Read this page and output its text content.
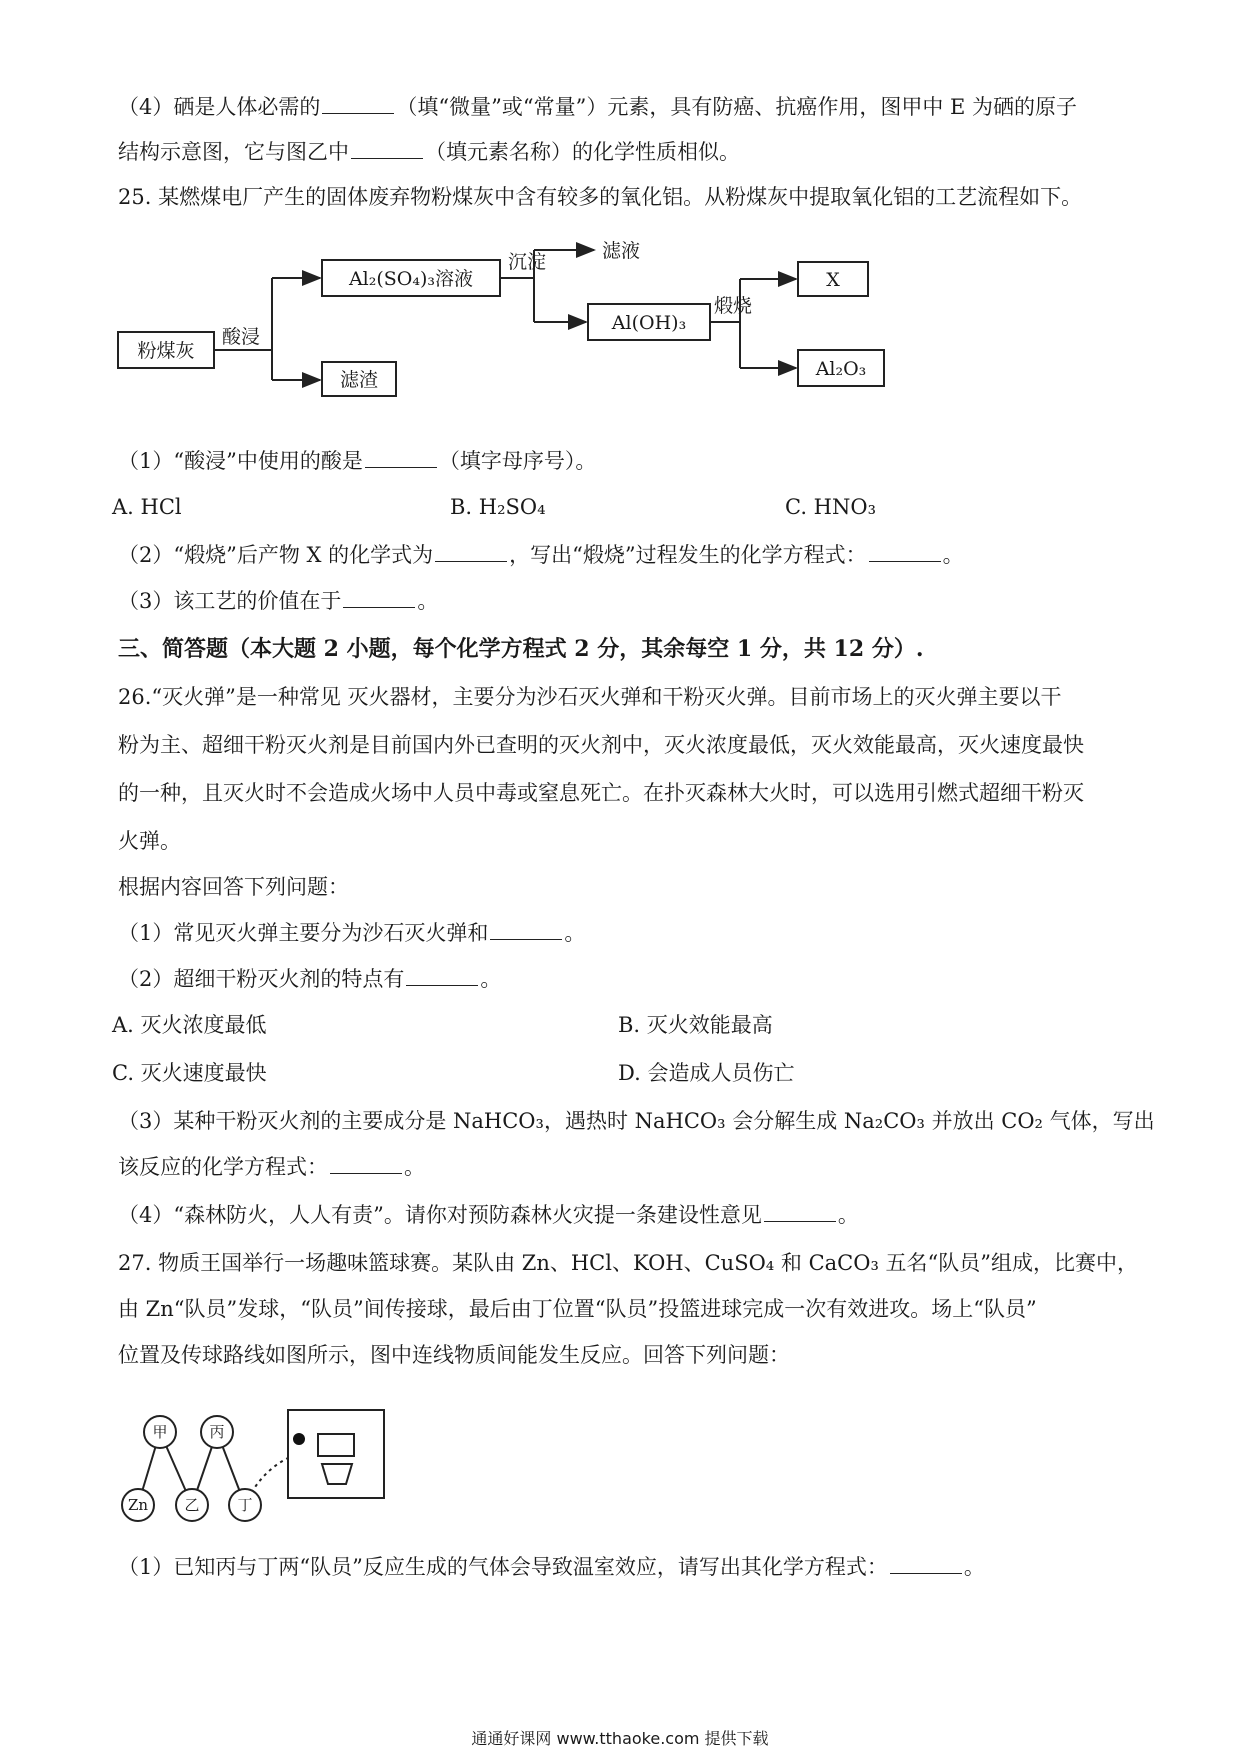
（4）硒是人体必需的	（填“微量”或“常量”）元素，具有防癌、抗癌作用，图甲中 E 为硒的原子
结构示意图，它与图乙中	（填元素名称）的化学性质相似。
25. 某燃煤电厂产生的固体废弃物粉煤灰中含有较多的氧化铝。从粉煤灰中提取氧化铝的工艺流程如下。
粉煤灰
酸浸
Al₂(SO₄)₃溶液
滤渣
沉淀	滤液
Al(OH)₃
煅烧
X
Al₂O₃
（1）“酸浸”中使用的酸是	（填字母序号）。
A. HCl	B. H₂SO₄	C. HNO₃
（2）“煅烧”后产物 X 的化学式为	，写出“煅烧”过程发生的化学方程式：	。
（3）该工艺的价值在于	。
三、简答题（本大题 2 小题，每个化学方程式 2 分，其余每空 1 分，共 12 分）.
26.“灭火弹”是一种常见 灭火器材，主要分为沙石灭火弹和干粉灭火弹。目前市场上的灭火弹主要以干
粉为主、超细干粉灭火剂是目前国内外已查明的灭火剂中，灭火浓度最低，灭火效能最高，灭火速度最快
的一种，且灭火时不会造成火场中人员中毒或窒息死亡。在扑灭森林大火时，可以选用引燃式超细干粉灭
火弹。
根据内容回答下列问题：
（1）常见灭火弹主要分为沙石灭火弹和	。
（2）超细干粉灭火剂的特点有	。
A. 灭火浓度最低	B. 灭火效能最高
C. 灭火速度最快	D. 会造成人员伤亡
（3）某种干粉灭火剂的主要成分是 NaHCO₃，遇热时 NaHCO₃ 会分解生成 Na₂CO₃ 并放出 CO₂ 气体，写出
该反应的化学方程式：	。
（4）“森林防火，人人有责”。请你对预防森林火灾提一条建设性意见	。
27. 物质王国举行一场趣味篮球赛。某队由 Zn、HCl、KOH、CuSO₄ 和 CaCO₃ 五名“队员”组成，比赛中，
由 Zn“队员”发球，“队员”间传接球，最后由丁位置“队员”投篮进球完成一次有效进攻。场上“队员”
位置及传球路线如图所示，图中连线物质间能发生反应。回答下列问题：
甲	丙
Zn 乙	丁
（1）已知丙与丁两“队员”反应生成的气体会导致温室效应，请写出其化学方程式：	。
通通好课网 www.tthaoke.com 提供下载
